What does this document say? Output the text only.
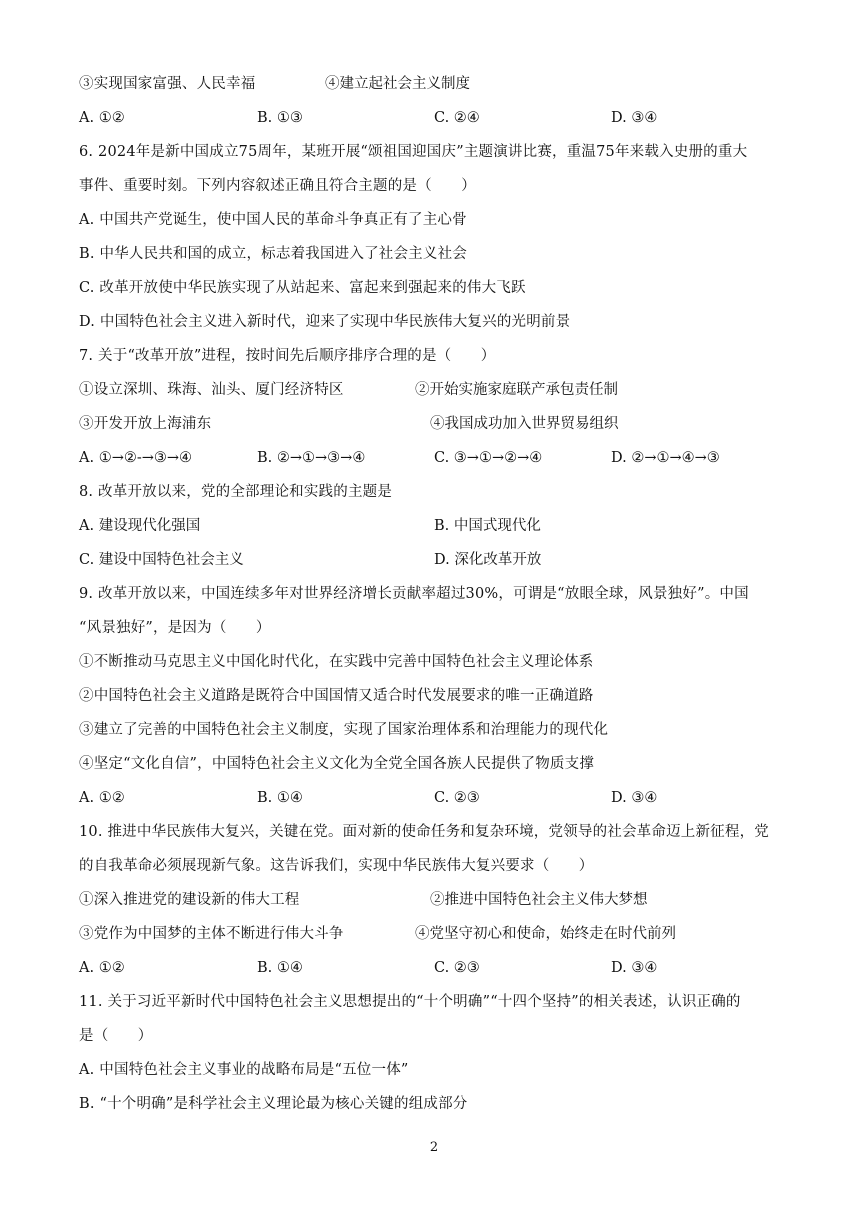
③实现国家富强、人民幸福	④建立起社会主义制度
A. ①②	B. ①③	C. ②④	D. ③④
6. 2024年是新中国成立75周年，某班开展“颂祖国迎国庆”主题演讲比赛，重温75年来载入史册的重大
事件、重要时刻。下列内容叙述正确且符合主题的是（　　）
A. 中国共产党诞生，使中国人民的革命斗争真正有了主心骨
B. 中华人民共和国的成立，标志着我国进入了社会主义社会
C. 改革开放使中华民族实现了从站起来、富起来到强起来的伟大飞跃
D. 中国特色社会主义进入新时代，迎来了实现中华民族伟大复兴的光明前景
7. 关于“改革开放”进程，按时间先后顺序排序合理的是（　　）
①设立深圳、珠海、汕头、厦门经济特区	②开始实施家庭联产承包责任制
③开发开放上海浦东	④我国成功加入世界贸易组织
A. ①→②-→③→④	B. ②→①→③→④	C. ③→①→②→④	D. ②→①→④→③
8. 改革开放以来，党的全部理论和实践的主题是
A. 建设现代化强国	B. 中国式现代化
C. 建设中国特色社会主义	D. 深化改革开放
9. 改革开放以来，中国连续多年对世界经济增长贡献率超过30%，可谓是“放眼全球，风景独好”。中国
“风景独好”，是因为（　　）
①不断推动马克思主义中国化时代化，在实践中完善中国特色社会主义理论体系
②中国特色社会主义道路是既符合中国国情又适合时代发展要求的唯一正确道路
③建立了完善的中国特色社会主义制度，实现了国家治理体系和治理能力的现代化
④坚定“文化自信”，中国特色社会主义文化为全党全国各族人民提供了物质支撑
A. ①②	B. ①④	C. ②③	D. ③④
10. 推进中华民族伟大复兴，关键在党。面对新的使命任务和复杂环境，党领导的社会革命迈上新征程，党
的自我革命必须展现新气象。这告诉我们，实现中华民族伟大复兴要求（　　）
①深入推进党的建设新的伟大工程	②推进中国特色社会主义伟大梦想
③党作为中国梦的主体不断进行伟大斗争	④党坚守初心和使命，始终走在时代前列
A. ①②	B. ①④	C. ②③	D. ③④
11. 关于习近平新时代中国特色社会主义思想提出的“十个明确”“十四个坚持”的相关表述，认识正确的
是（　　）
A. 中国特色社会主义事业的战略布局是“五位一体”
B. “十个明确”是科学社会主义理论最为核心关键的组成部分
2
